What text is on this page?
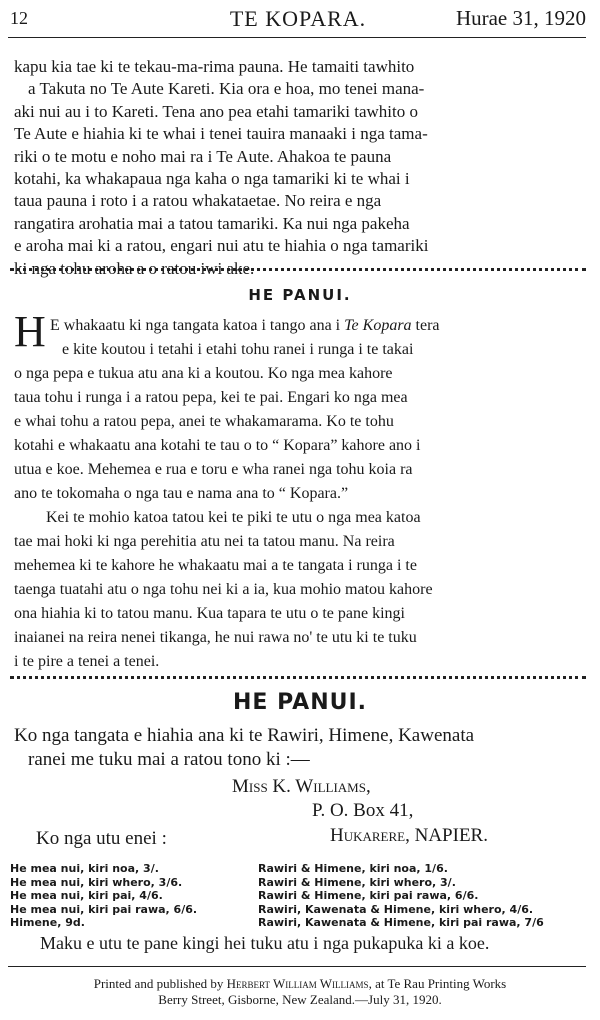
12	TE KOPARA.	Hurae 31, 1920
kapu kia tae ki te tekau-ma-rima pauna. He tamaiti tawhito
a Takuta no Te Aute Kareti. Kia ora e hoa, mo tenei mana-
aki nui au i to Kareti. Tena ano pea etahi tamariki tawhito o
Te Aute e hiahia ki te whai i tenei tauira manaaki i nga tama-
riki o te motu e noho mai ra i Te Aute. Ahakoa te pauna
kotahi, ka whakapaua nga kaha o nga tamariki ki te whai i
taua pauna i roto i a ratou whakataetae. No reira e nga
rangatira arohatia mai a tatou tamariki. Ka nui nga pakeha
e aroha mai ki a ratou, engari nui atu te hiahia o nga tamariki
ki nga tohu aroha a o ratou iwi ake.
HE PANUI.
H E whakaatu ki nga tangata katoa i tango ana i Te Kopara tera
e kite koutou i tetahi i etahi tohu ranei i runga i te takai
o nga pepa e tukua atu ana ki a koutou. Ko nga mea kahore
taua tohu i runga i a ratou pepa, kei te pai. Engari ko nga mea
e whai tohu a ratou pepa, anei te whakamarama. Ko te tohu
kotahi e whakaatu ana kotahi te tau o to “ Kopara” kahore ano i
utua e koe. Mehemea e rua e toru e wha ranei nga tohu koia ra
ano te tokomaha o nga tau e nama ana to “ Kopara.”
Kei te mohio katoa tatou kei te piki te utu o nga mea katoa
tae mai hoki ki nga perehitia atu nei ta tatou manu. Na reira
mehemea ki te kahore he whakaatu mai a te tangata i runga i te
taenga tuatahi atu o nga tohu nei ki a ia, kua mohio matou kahore
ona hiahia ki to tatou manu. Kua tapara te utu o te pane kingi
inaianei na reira nenei tikanga, he nui rawa no' te utu ki te tuku
i te pire a tenei a tenei.
HE PANUI.
Ko nga tangata e hiahia ana ki te Rawiri, Himene, Kawenata
ranei me tuku mai a ratou tono ki :—
Miss K. Williams,
P. O. Box 41,
Hukarere, NAPIER.
Ko nga utu enei :
He mea nui, kiri noa, 3/.
He mea nui, kiri whero, 3/6.
He mea nui, kiri pai, 4/6.
He mea nui, kiri pai rawa, 6/6.
Himene, 9d.
Rawiri & Himene, kiri noa, 1/6.
Rawiri & Himene, kiri whero, 3/.
Rawiri & Himene, kiri pai rawa, 6/6.
Rawiri, Kawenata & Himene, kiri whero, 4/6.
Rawiri, Kawenata & Himene, kiri pai rawa, 7/6
Maku e utu te pane kingi hei tuku atu i nga pukapuka ki a koe.
Printed and published by Herbert William Williams, at Te Rau Printing Works
Berry Street, Gisborne, New Zealand.—July 31, 1920.
